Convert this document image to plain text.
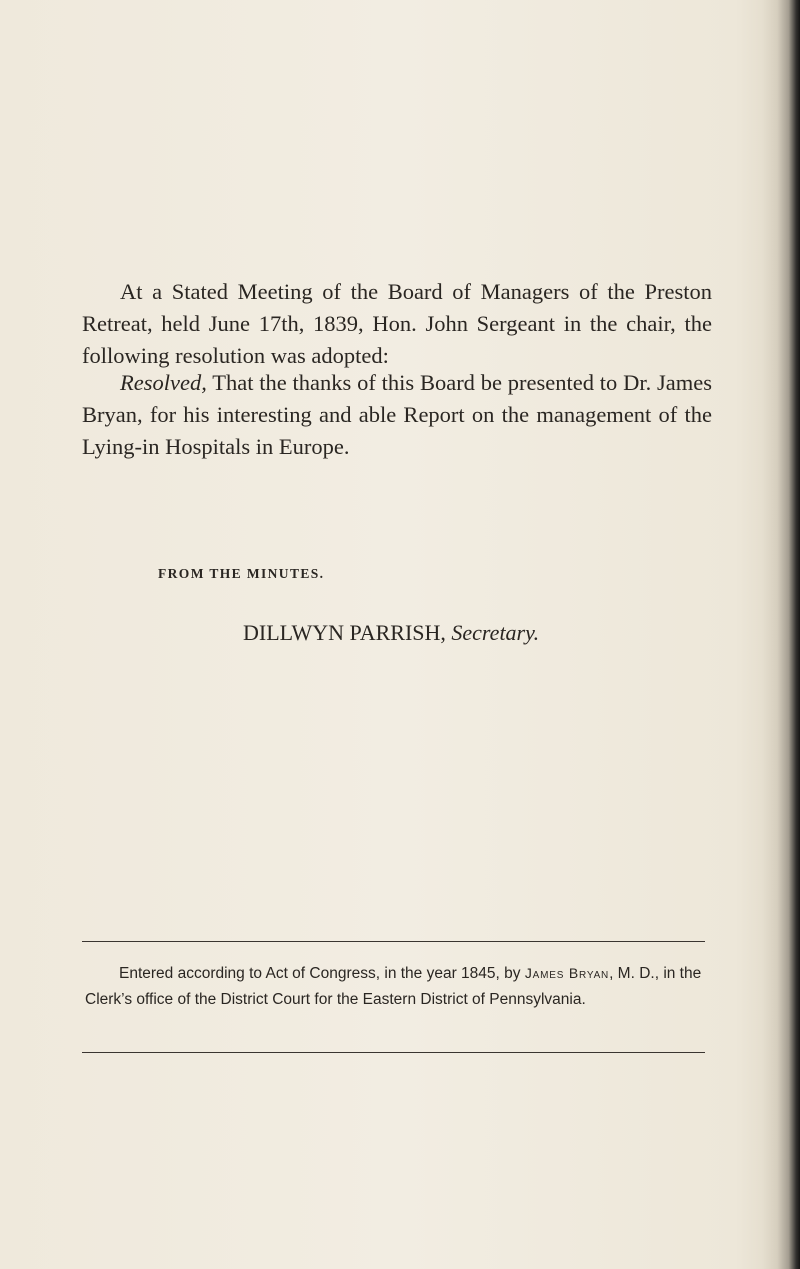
At a Stated Meeting of the Board of Managers of the Preston Retreat, held June 17th, 1839, Hon. John Sergeant in the chair, the following resolution was adopted:

Resolved, That the thanks of this Board be presented to Dr. James Bryan, for his interesting and able Report on the management of the Lying-in Hospitals in Europe.

FROM THE MINUTES.

DILLWYN PARRISH, Secretary.

Entered according to Act of Congress, in the year 1845, by James Bryan, M. D., in the Clerk’s office of the District Court for the Eastern District of Pennsylvania.
